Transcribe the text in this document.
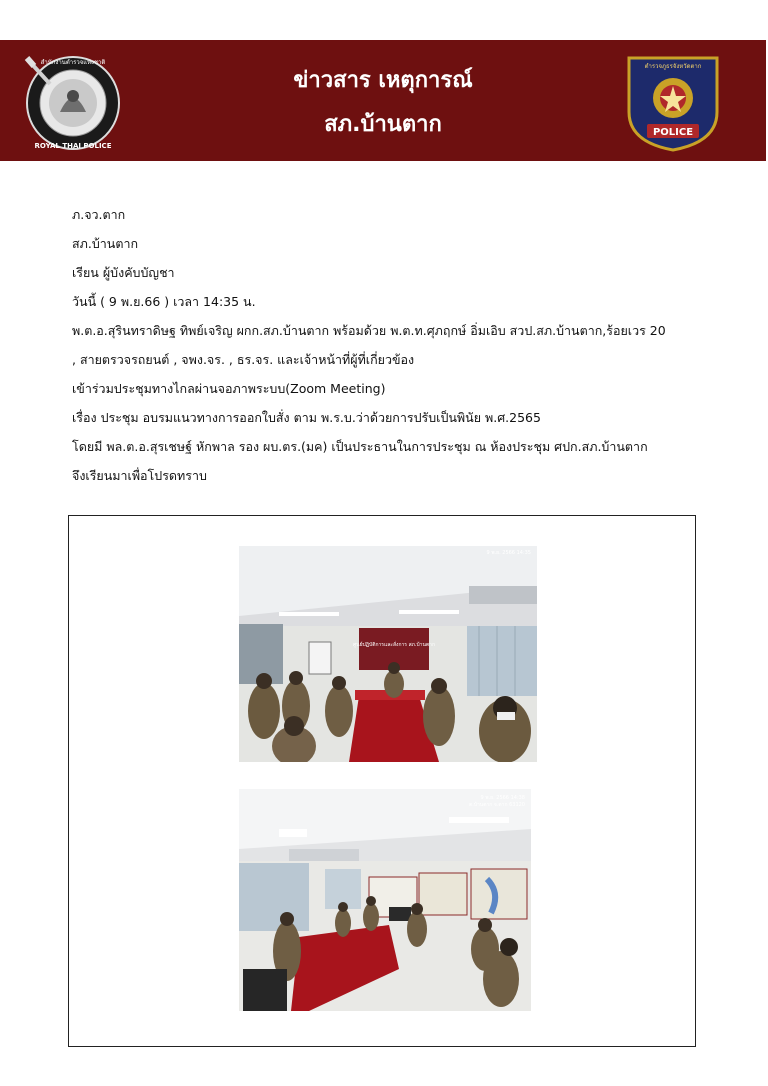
สำนักงานตำรวจแห่งชาติ
ROYAL THAI POLICE
ข่าวสาร เหตุการณ์
สภ.บ้านตาก
ตำรวจภูธรจังหวัดตาก
POLICE
ภ.จว.ตาก
สภ.บ้านตาก
เรียน ผู้บังคับบัญชา
วันนี้ ( 9 พ.ย.66 ) เวลา 14:35 น.
พ.ต.อ.สุรินทราดิษฐ ทิพย์เจริญ ผกก.สภ.บ้านตาก พร้อมด้วย พ.ต.ท.ศุภฤกษ์ อิ่มเอิบ สวป.สภ.บ้านตาก,ร้อยเวร 20
, สายตรวจรถยนต์ , จพง.จร. , ธร.จร. และเจ้าหน้าที่ผู้ที่เกี่ยวข้อง
เข้าร่วมประชุมทางไกลผ่านจอภาพระบบ(Zoom Meeting)
เรื่อง ประชุม อบรมแนวทางการออกใบสั่ง ตาม พ.ร.บ.ว่าด้วยการปรับเป็นพินัย พ.ศ.2565
โดยมี พล.ต.อ.สุรเชษฐ์ หักพาล รอง ผบ.ตร.(มค) เป็นประธานในการประชุม ณ ห้องประชุม ศปก.สภ.บ้านตาก
จึงเรียนมาเพื่อโปรดทราบ
ศูนย์ปฏิบัติการและสั่งการ สภ.บ้านตาก
9 พ.ย. 2566 14:35
9 พ.ย. 2566 14:38
ต.บ้านตาก จ.ตาก 63120
